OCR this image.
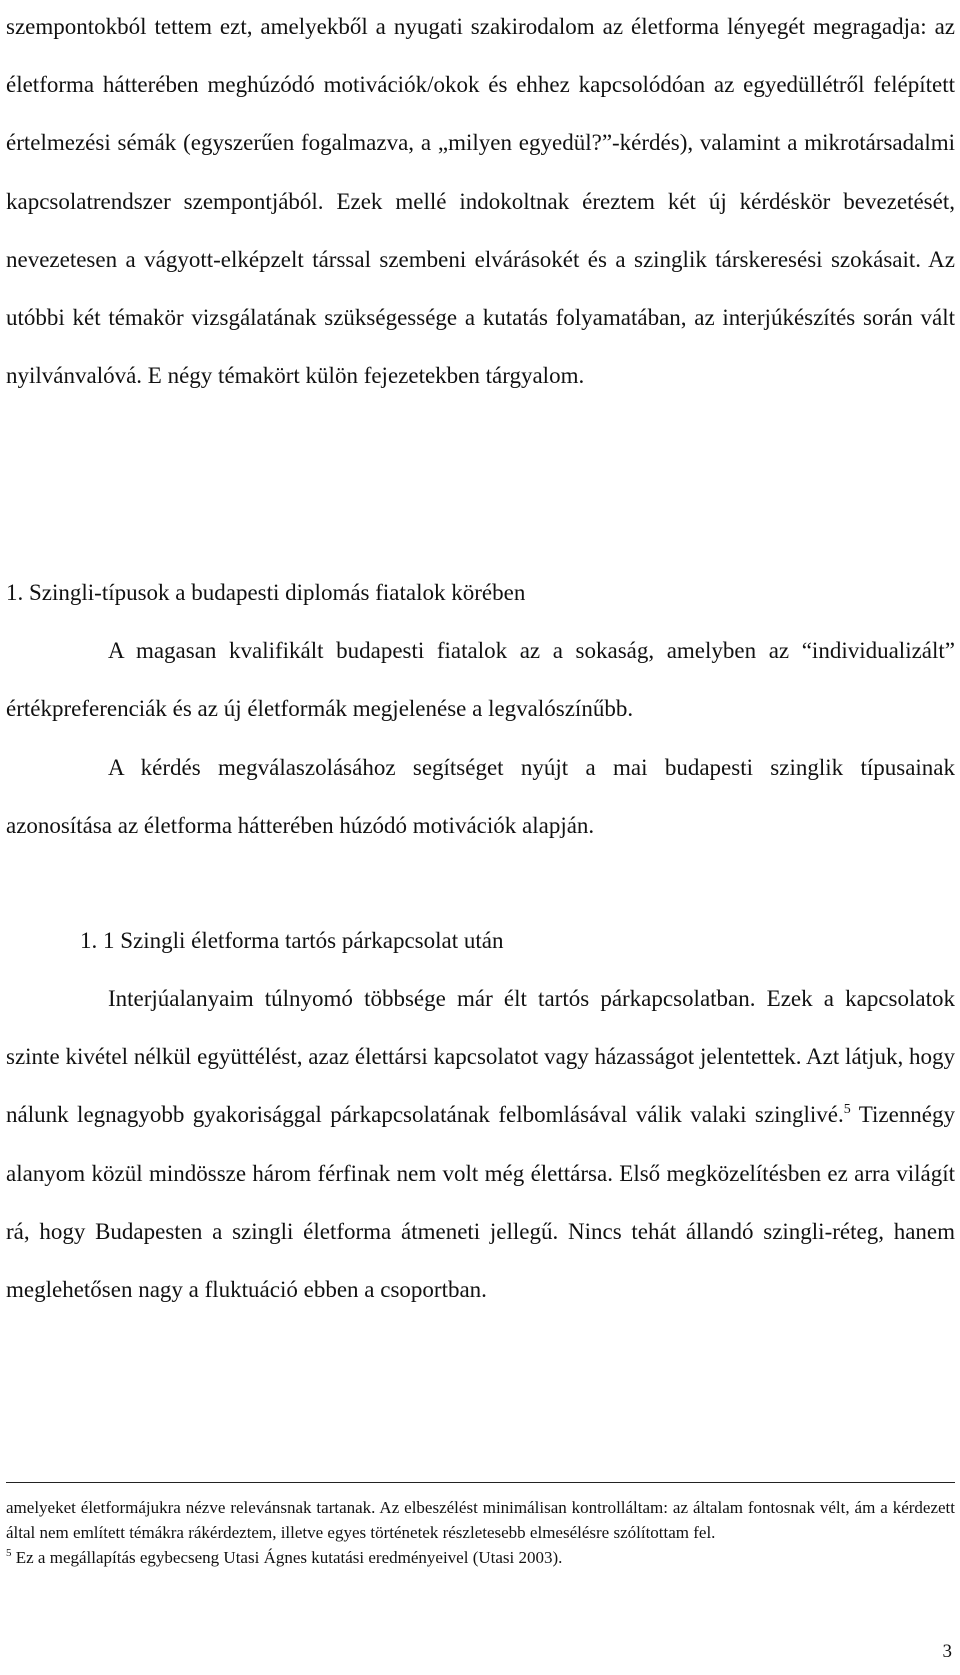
szempontokból tettem ezt, amelyekből a nyugati szakirodalom az életforma lényegét megragadja: az életforma hátterében meghúzódó motivációk/okok és ehhez kapcsolódóan az egyedüllétről felépített értelmezési sémák (egyszerűen fogalmazva, a „milyen egyedül?”-kérdés), valamint a mikrotársadalmi kapcsolatrendszer szempontjából. Ezek mellé indokoltnak éreztem két új kérdéskör bevezetését, nevezetesen a vágyott-elképzelt társsal szembeni elvárásokét és a szinglik társkeresési szokásait. Az utóbbi két témakör vizsgálatának szükségessége a kutatás folyamatában, az interjúkészítés során vált nyilvánvalóvá. E négy témakört külön fejezetekben tárgyalom.

1. Szingli-típusok a budapesti diplomás fiatalok körében

A magasan kvalifikált budapesti fiatalok az a sokaság, amelyben az “individualizált” értékpreferenciák és az új életformák megjelenése a legvalószínűbb.

A kérdés megválaszolásához segítséget nyújt a mai budapesti szinglik típusainak azonosítása az életforma hátterében húzódó motivációk alapján.

1. 1 Szingli életforma tartós párkapcsolat után

Interjúalanyaim túlnyomó többsége már élt tartós párkapcsolatban. Ezek a kapcsolatok szinte kivétel nélkül együttélést, azaz élettársi kapcsolatot vagy házasságot jelentettek. Azt látjuk, hogy nálunk legnagyobb gyakorisággal párkapcsolatának felbomlásával válik valaki szinglivé.$^5$ Tizennégy alanyom közül mindössze három férfinak nem volt még élettársa. Első megközelítésben ez arra világít rá, hogy Budapesten a szingli életforma átmeneti jellegű. Nincs tehát állandó szingli-réteg, hanem meglehetősen nagy a fluktuáció ebben a csoportban.

amelyeket életformájukra nézve relevánsnak tartanak. Az elbeszélést minimálisan kontrolláltam: az általam fontosnak vélt, ám a kérdezett által nem említett témákra rákérdeztem, illetve egyes történetek részletesebb elmesélésre szólítottam fel.
$^5$ Ez a megállapítás egybecseng Utasi Ágnes kutatási eredményeivel (Utasi 2003).
3
